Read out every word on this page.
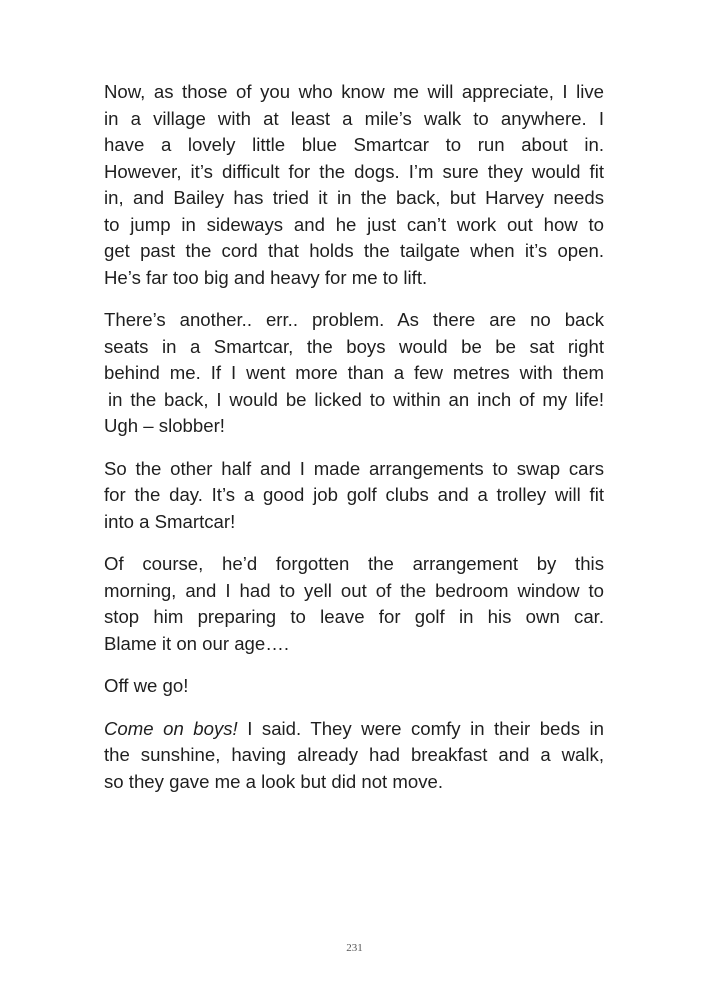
Now, as those of you who know me will appreciate, I live
in a village with at least a mile’s walk to anywhere. I
have a lovely little blue Smartcar to run about in.
However, it’s difficult for the dogs. I’m sure they would fit
in, and Bailey has tried it in the back, but Harvey needs
to jump in sideways and he just can’t work out how to
get past the cord that holds the tailgate when it’s open.
He’s far too big and heavy for me to lift.

There’s another.. err.. problem. As there are no back
seats in a Smartcar, the boys would be be sat right
behind me. If I went more than a few metres with them
in the back, I would be licked to within an inch of my life!
Ugh – slobber!

So the other half and I made arrangements to swap cars
for the day. It’s a good job golf clubs and a trolley will fit
into a Smartcar!

Of course, he’d forgotten the arrangement by this
morning, and I had to yell out of the bedroom window to
stop him preparing to leave for golf in his own car.
Blame it on our age….

Off we go!

Come on boys! I said. They were comfy in their beds in
the sunshine, having already had breakfast and a walk,
so they gave me a look but did not move.

231
